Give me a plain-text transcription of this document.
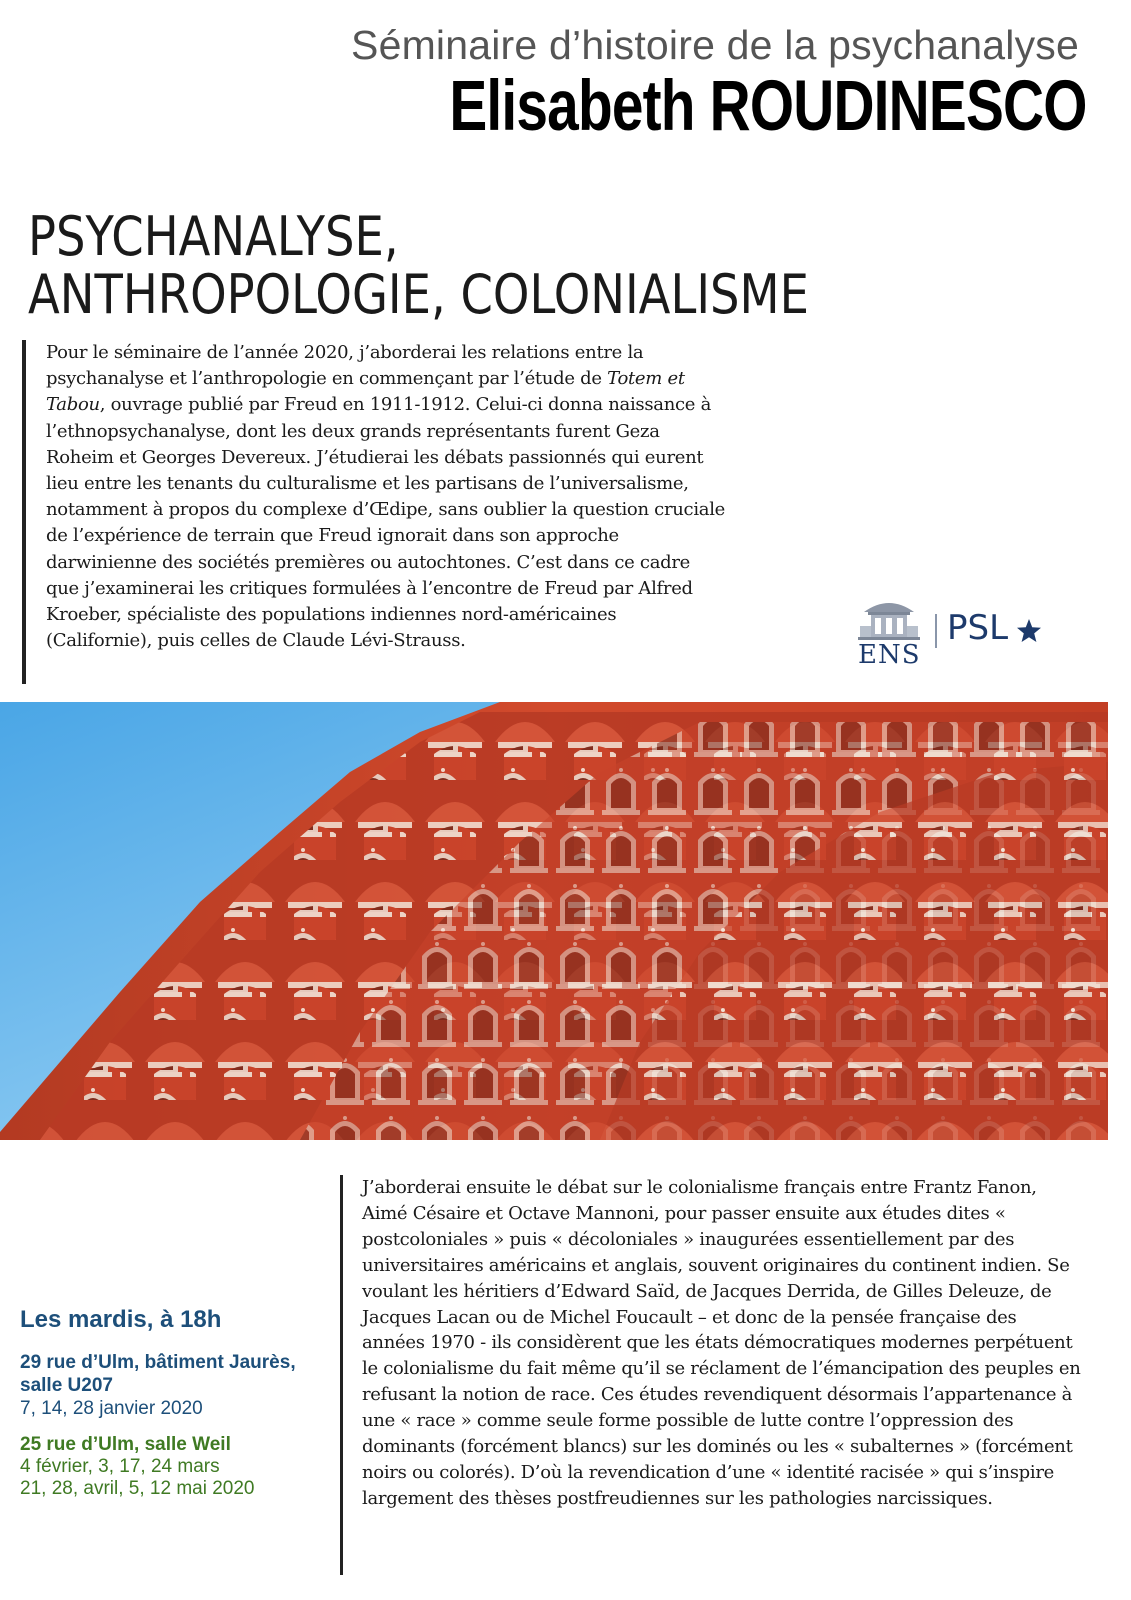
Séminaire d’histoire de la psychanalyse
Elisabeth ROUDINESCO
PSYCHANALYSE,
ANTHROPOLOGIE, COLONIALISME

Pour le séminaire de l’année 2020, j’aborderai les relations entre la psychanalyse et l’anthropologie en commençant par l’étude de Totem et Tabou, ouvrage publié par Freud en 1911-1912. Celui-ci donna naissance à l’ethnopsychanalyse, dont les deux grands représentants furent Geza Roheim et Georges Devereux. J’étudierai les débats passionnés qui eurent lieu entre les tenants du culturalisme et les partisans de l’universalisme, notamment à propos du complexe d’Œdipe, sans oublier la question cruciale de l’expérience de terrain que Freud ignorait dans son approche darwinienne des sociétés premières ou autochtones. C’est dans ce cadre que j’examinerai les critiques formulées à l’encontre de Freud par Alfred Kroeber, spécialiste des populations indiennes nord-américaines (Californie), puis celles de Claude Lévi-Strauss.	ENS
PSL

Les mardis, à 18h

29 rue d’Ulm, bâtiment Jaurès, salle U207

7, 14, 28 janvier 2020

25 rue d’Ulm, salle Weil

4 février, 3, 17, 24 mars
21, 28, avril, 5, 12 mai 2020

J’aborderai ensuite le débat sur le colonialisme français entre Frantz Fanon, Aimé Césaire et Octave Mannoni, pour passer ensuite aux études dites « postcoloniales » puis « décoloniales » inaugurées essentiellement par des universitaires américains et anglais, souvent originaires du continent indien. Se voulant les héritiers d’Edward Saïd, de Jacques Derrida, de Gilles Deleuze, de Jacques Lacan ou de Michel Foucault – et donc de la pensée française des années 1970 - ils considèrent que les états démocratiques modernes perpétuent le colonialisme du fait même qu’il se réclament de l’émancipation des peuples en refusant la notion de race. Ces études revendiquent désormais l’appartenance à une « race » comme seule forme possible de lutte contre l’oppression des dominants (forcément blancs) sur les dominés ou les « subalternes » (forcément noirs ou colorés). D’où la revendication d’une « identité racisée » qui s’inspire largement des thèses postfreudiennes sur les pathologies narcissiques.
